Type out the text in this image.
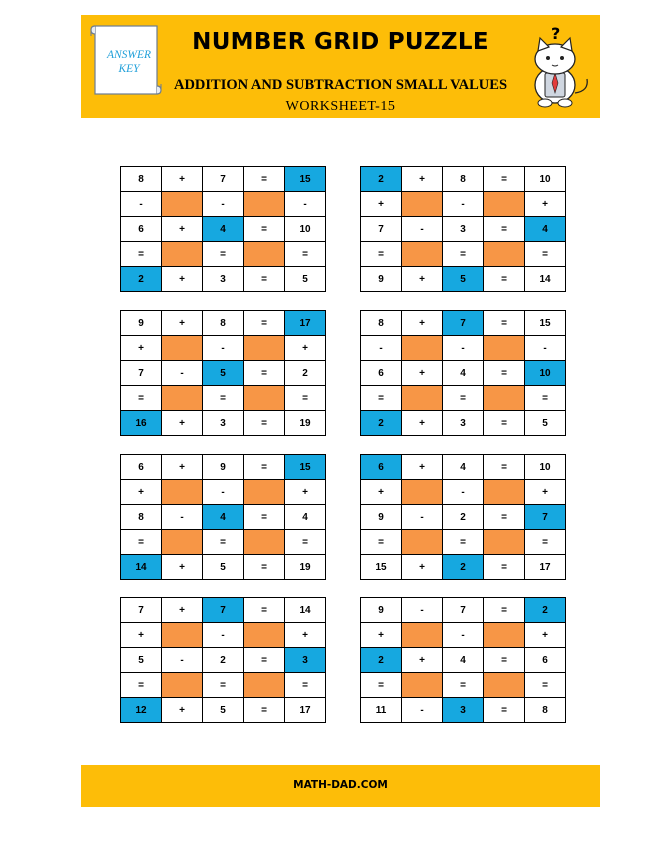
ANSWER KEY
NUMBER GRID PUZZLE
ADDITION AND SUBTRACTION SMALL VALUES
WORKSHEET-15
?
8	+	7	=	15
-		-		-
6	+	4	=	10
=		=		=
2	+	3	=	5
2	+	8	=	10
+		-		+
7	-	3	=	4
=		=		=
9	+	5	=	14
9	+	8	=	17
+		-		+
7	-	5	=	2
=		=		=
16	+	3	=	19
8	+	7	=	15
-		-		-
6	+	4	=	10
=		=		=
2	+	3	=	5
6	+	9	=	15
+		-		+
8	-	4	=	4
=		=		=
14	+	5	=	19
6	+	4	=	10
+		-		+
9	-	2	=	7
=		=		=
15	+	2	=	17
7	+	7	=	14
+		-		+
5	-	2	=	3
=		=		=
12	+	5	=	17
9	-	7	=	2
+		-		+
2	+	4	=	6
=		=		=
11	-	3	=	8
MATH-DAD.COM
